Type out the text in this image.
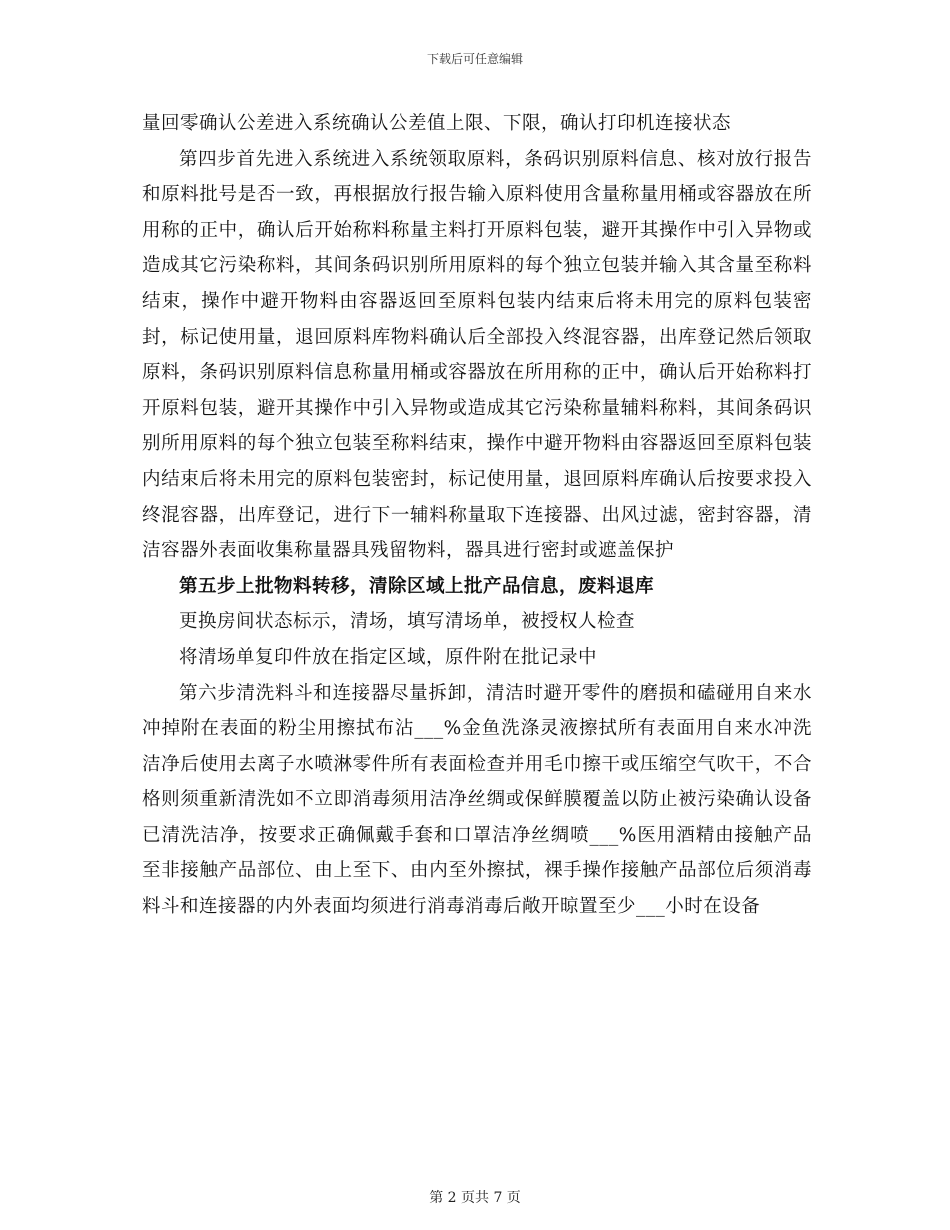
下载后可任意编辑

量回零确认公差进入系统确认公差值上限、下限，确认打印机连接状态

第四步首先进入系统进入系统领取原料，条码识别原料信息、核对放行报告和原料批号是否一致，再根据放行报告输入原料使用含量称量用桶或容器放在所用称的正中，确认后开始称料称量主料打开原料包装，避开其操作中引入异物或造成其它污染称料，其间条码识别所用原料的每个独立包装并输入其含量至称料结束，操作中避开物料由容器返回至原料包装内结束后将未用完的原料包装密封，标记使用量，退回原料库物料确认后全部投入终混容器，出库登记然后领取原料，条码识别原料信息称量用桶或容器放在所用称的正中，确认后开始称料打开原料包装，避开其操作中引入异物或造成其它污染称量辅料称料，其间条码识别所用原料的每个独立包装至称料结束，操作中避开物料由容器返回至原料包装内结束后将未用完的原料包装密封，标记使用量，退回原料库确认后按要求投入终混容器，出库登记，进行下一辅料称量取下连接器、出风过滤，密封容器，清洁容器外表面收集称量器具残留物料，器具进行密封或遮盖保护

第五步上批物料转移，清除区域上批产品信息，废料退库

更换房间状态标示，清场，填写清场单，被授权人检查

将清场单复印件放在指定区域，原件附在批记录中

第六步清洗料斗和连接器尽量拆卸，清洁时避开零件的磨损和磕碰用自来水冲掉附在表面的粉尘用擦拭布沾___%金鱼洗涤灵液擦拭所有表面用自来水冲洗洁净后使用去离子水喷淋零件所有表面检查并用毛巾擦干或压缩空气吹干，不合格则须重新清洗如不立即消毒须用洁净丝绸或保鲜膜覆盖以防止被污染确认设备已清洗洁净，按要求正确佩戴手套和口罩洁净丝绸喷___%医用酒精由接触产品至非接触产品部位、由上至下、由内至外擦拭，裸手操作接触产品部位后须消毒料斗和连接器的内外表面均须进行消毒消毒后敞开晾置至少___小时在设备

第 2 页共 7 页
